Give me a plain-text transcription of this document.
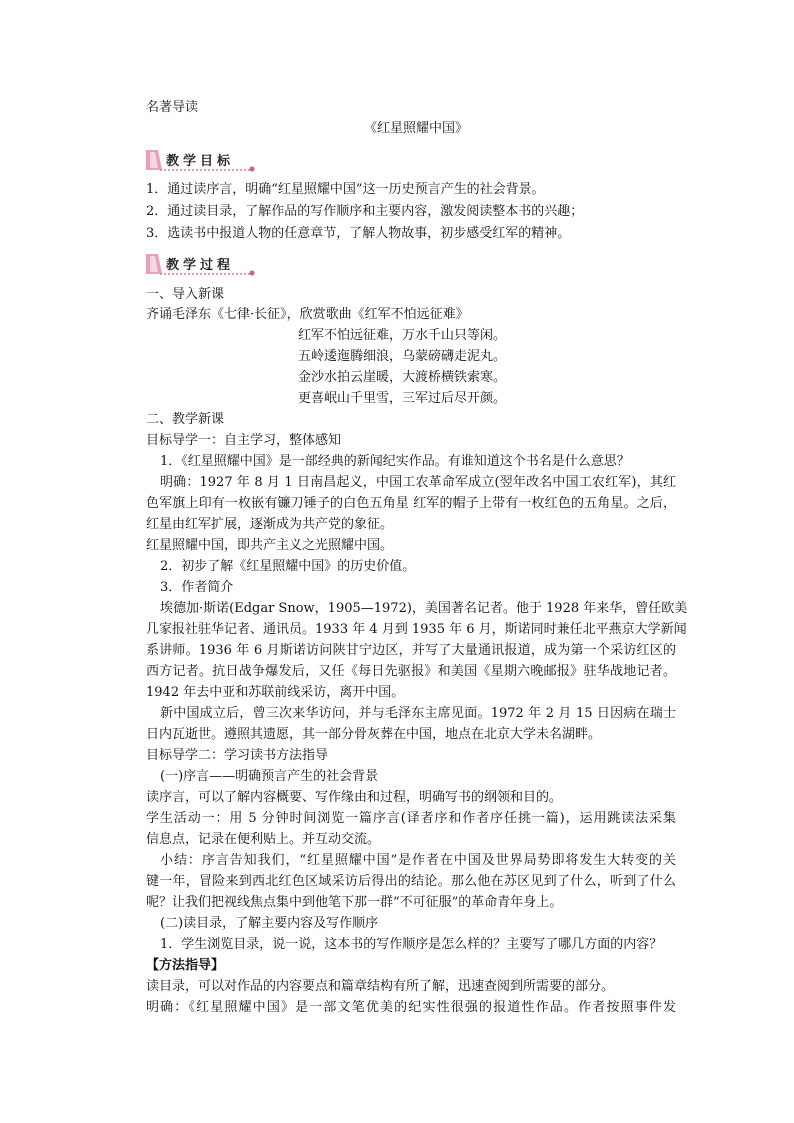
名著导读
《红星照耀中国》
教学目标
1．通过读序言，明确“红星照耀中国”这一历史预言产生的社会背景。
2．通过读目录，了解作品的写作顺序和主要内容，激发阅读整本书的兴趣；
3．选读书中报道人物的任意章节，了解人物故事，初步感受红军的精神。
教学过程
一、导入新课
齐诵毛泽东《七律·长征》，欣赏歌曲《红军不怕远征难》
红军不怕远征难，万水千山只等闲。
五岭逶迤腾细浪，乌蒙磅礴走泥丸。
金沙水拍云崖暖，大渡桥横铁索寒。
更喜岷山千里雪，三军过后尽开颜。
二、教学新课
目标导学一：自主学习，整体感知
1．《红星照耀中国》是一部经典的新闻纪实作品。有谁知道这个书名是什么意思？
明确：1927 年 8 月 1 日南昌起义，中国工农革命军成立(翌年改名中国工农红军)，其红
色军旗上印有一枚嵌有镰刀锤子的白色五角星 红军的帽子上带有一枚红色的五角星。之后，
红星由红军扩展，逐渐成为共产党的象征。
红星照耀中国，即共产主义之光照耀中国。
2．初步了解《红星照耀中国》的历史价值。
3．作者简介
埃德加·斯诺(Edgar Snow，1905—1972)，美国著名记者。他于 1928 年来华，曾任欧美
几家报社驻华记者、通讯员。1933 年 4 月到 1935 年 6 月，斯诺同时兼任北平燕京大学新闻
系讲师。1936 年 6 月斯诺访问陕甘宁边区，并写了大量通讯报道，成为第一个采访红区的
西方记者。抗日战争爆发后，又任《每日先驱报》和美国《星期六晚邮报》驻华战地记者。
1942 年去中亚和苏联前线采访，离开中国。
新中国成立后，曾三次来华访问，并与毛泽东主席见面。1972 年 2 月 15 日因病在瑞士
日内瓦逝世。遵照其遗愿，其一部分骨灰葬在中国，地点在北京大学未名湖畔。
目标导学二：学习读书方法指导
(一)序言——明确预言产生的社会背景
读序言，可以了解内容概要、写作缘由和过程，明确写书的纲领和目的。
学生活动一：用 5 分钟时间浏览一篇序言(译者序和作者序任挑一篇)，运用跳读法采集
信息点，记录在便利贴上。并互动交流。
小结：序言告知我们，“红星照耀中国”是作者在中国及世界局势即将发生大转变的关
键一年，冒险来到西北红色区域采访后得出的结论。那么他在苏区见到了什么，听到了什么
呢？让我们把视线焦点集中到他笔下那一群“不可征服”的革命青年身上。
(二)读目录，了解主要内容及写作顺序
1．学生浏览目录，说一说，这本书的写作顺序是怎么样的？主要写了哪几方面的内容？
【方法指导】
读目录，可以对作品的内容要点和篇章结构有所了解，迅速查阅到所需要的部分。
明确：《红星照耀中国》是一部文笔优美的纪实性很强的报道性作品。作者按照事件发
